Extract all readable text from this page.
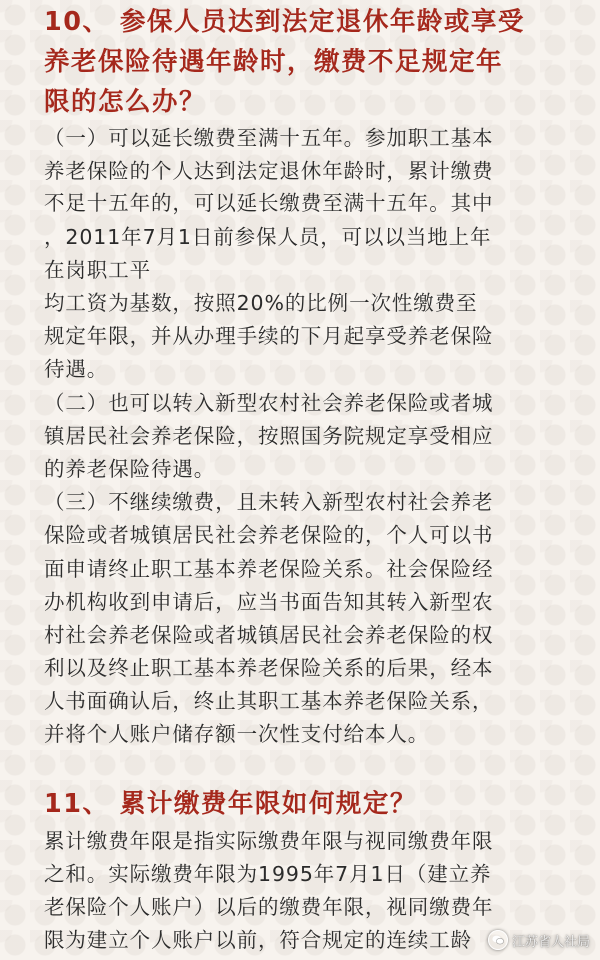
10、 参保人员达到法定退休年龄或享受
养老保险待遇年龄时，缴费不足规定年
限的怎么办？
（一）可以延长缴费至满十五年。参加职工基本
养老保险的个人达到法定退休年龄时，累计缴费
不足十五年的，可以延长缴费至满十五年。其中
，2011年7月1日前参保人员，可以以当地上年
在岗职工平
均工资为基数，按照20%的比例一次性缴费至
规定年限，并从办理手续的下月起享受养老保险
待遇。
（二）也可以转入新型农村社会养老保险或者城
镇居民社会养老保险，按照国务院规定享受相应
的养老保险待遇。
（三）不继续缴费，且未转入新型农村社会养老
保险或者城镇居民社会养老保险的，个人可以书
面申请终止职工基本养老保险关系。社会保险经
办机构收到申请后，应当书面告知其转入新型农
村社会养老保险或者城镇居民社会养老保险的权
利以及终止职工基本养老保险关系的后果，经本
人书面确认后，终止其职工基本养老保险关系，
并将个人账户储存额一次性支付给本人。
11、 累计缴费年限如何规定？
累计缴费年限是指实际缴费年限与视同缴费年限
之和。实际缴费年限为1995年7月1日（建立养
老保险个人账户）以后的缴费年限，视同缴费年
限为建立个人账户以前，符合规定的连续工龄	江苏省人社局
